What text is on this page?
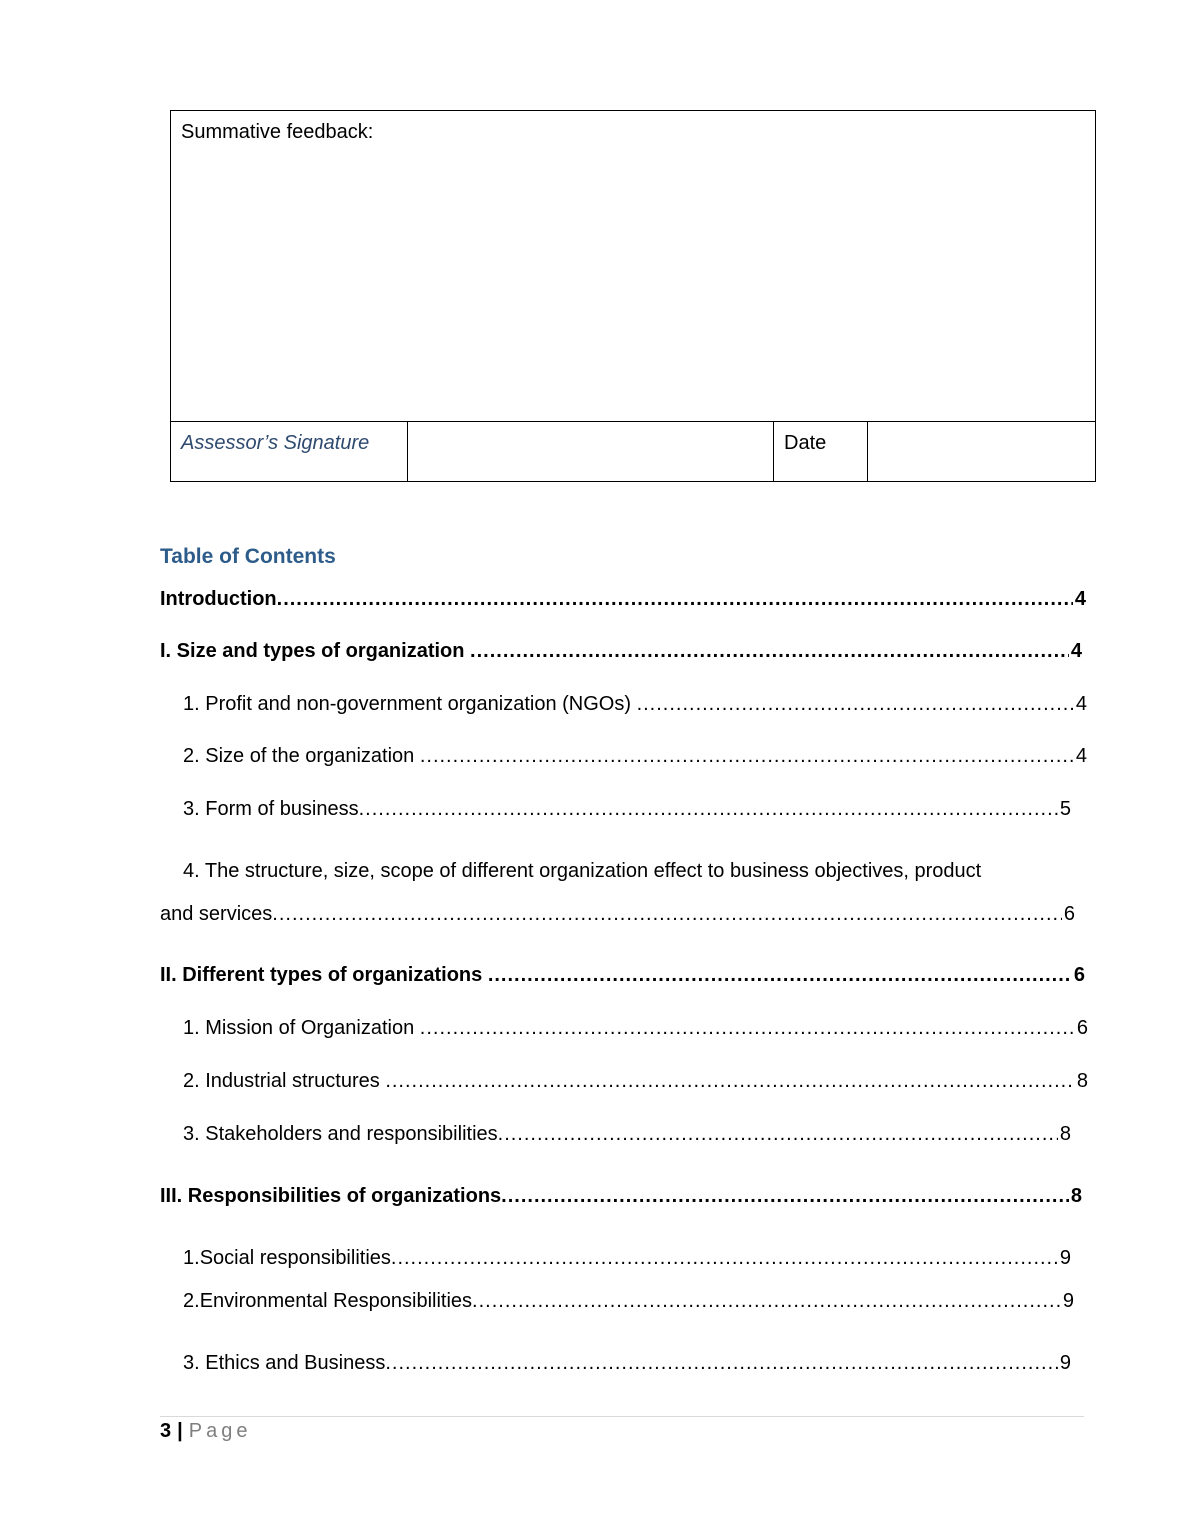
Summative feedback:
Assessor’s Signature		Date	
Table of Contents
Introduction .....	4
I. Size and types of organization .....	4
1. Profit and non-government organization (NGOs) .....	4
2. Size of the organization .....	4
3. Form of business .....	5
4. The structure, size, scope of different organization effect to business objectives, product
and services .....	6
II. Different types of organizations .....	6
1. Mission of Organization .....	6
2. Industrial structures .....	8
3. Stakeholders and responsibilities .....	8
III. Responsibilities of organizations .....	8
1. Social responsibilities .....	9
2. Environmental Responsibilities .....	9
3. Ethics and Business .....	9
3 | Page
